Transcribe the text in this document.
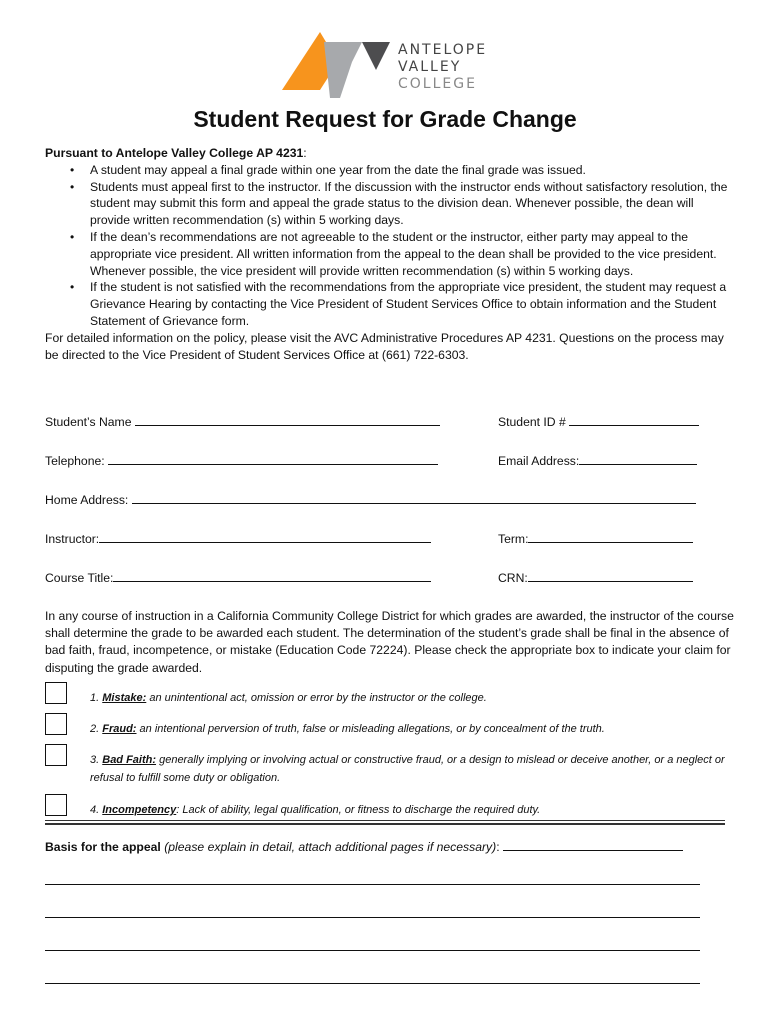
ANTELOPE
VALLEY
COLLEGE
Student Request for Grade Change
Pursuant to Antelope Valley College AP 4231:
• A student may appeal a final grade within one year from the date the final grade was issued.
• Students must appeal first to the instructor. If the discussion with the instructor ends without satisfactory resolution, the student may submit this form and appeal the grade status to the division dean. Whenever possible, the dean will provide written recommendation (s) within 5 working days.
• If the dean’s recommendations are not agreeable to the student or the instructor, either party may appeal to the appropriate vice president. All written information from the appeal to the dean shall be provided to the vice president. Whenever possible, the vice president will provide written recommendation (s) within 5 working days.
• If the student is not satisfied with the recommendations from the appropriate vice president, the student may request a Grievance Hearing by contacting the Vice President of Student Services Office to obtain information and the Student Statement of Grievance form.
For detailed information on the policy, please visit the AVC Administrative Procedures AP 4231. Questions on the process may be directed to the Vice President of Student Services Office at (661) 722-6303.
Student’s Name	Student ID #
Telephone:	Email Address:
Home Address:
Instructor:	Term:
Course Title:	CRN:
In any course of instruction in a California Community College District for which grades are awarded, the instructor of the course shall determine the grade to be awarded each student. The determination of the student’s grade shall be final in the absence of bad faith, fraud, incompetence, or mistake (Education Code 72224). Please check the appropriate box to indicate your claim for disputing the grade awarded.
1. Mistake: an unintentional act, omission or error by the instructor or the college.
2. Fraud: an intentional perversion of truth, false or misleading allegations, or by concealment of the truth.
3. Bad Faith: generally implying or involving actual or constructive fraud, or a design to mislead or deceive another, or a neglect or refusal to fulfill some duty or obligation.
4. Incompetency: Lack of ability, legal qualification, or fitness to discharge the required duty.
Basis for the appeal (please explain in detail, attach additional pages if necessary):
